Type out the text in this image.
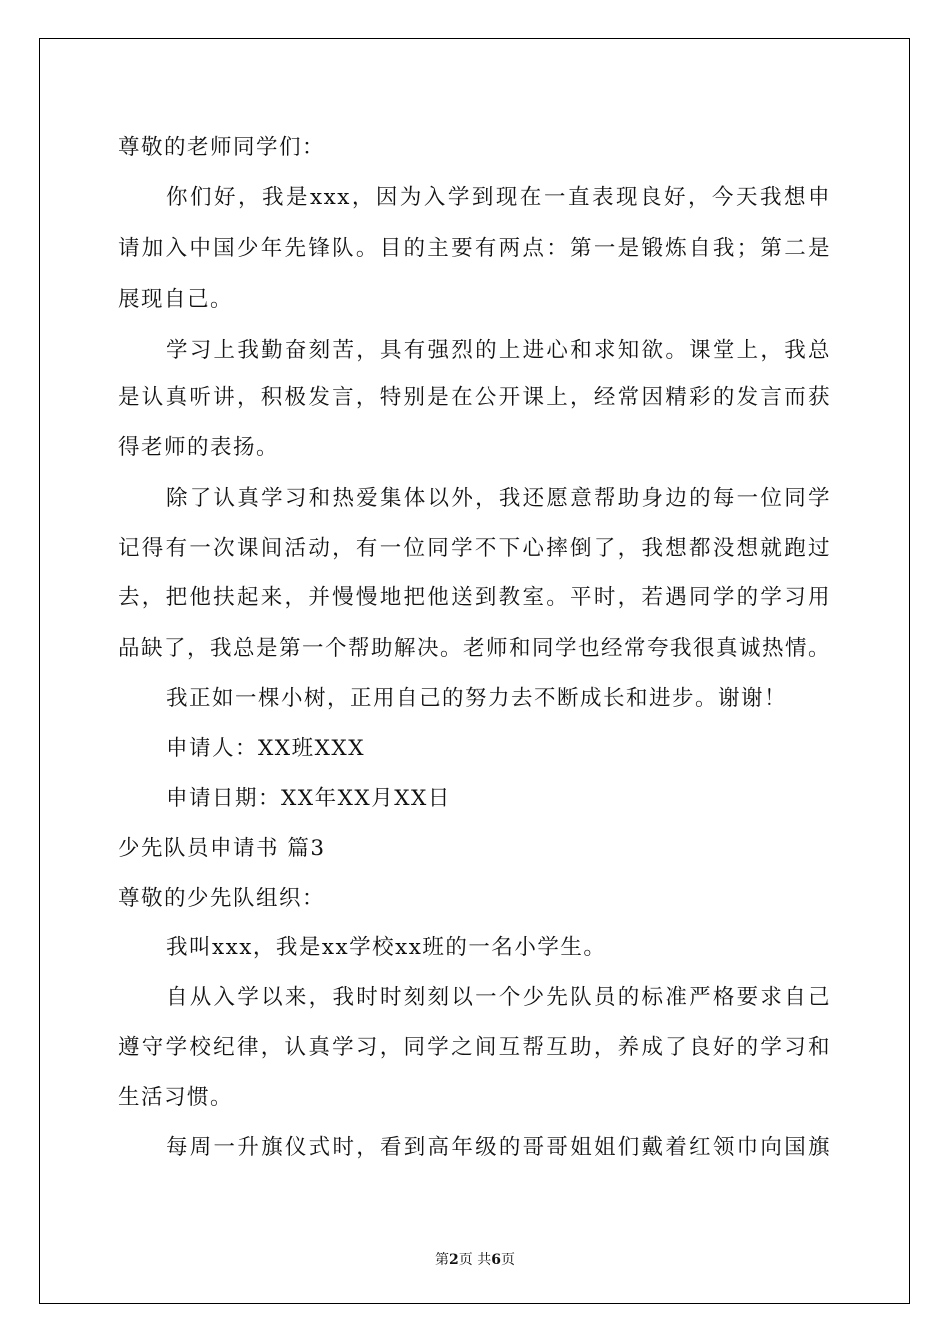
尊敬的老师同学们：
你们好，我是xxx，因为入学到现在一直表现良好，今天我想申
请加入中国少年先锋队。目的主要有两点：第一是锻炼自我；第二是
展现自己。
学习上我勤奋刻苦，具有强烈的上进心和求知欲。课堂上，我总
是认真听讲，积极发言，特别是在公开课上，经常因精彩的发言而获
得老师的表扬。
除了认真学习和热爱集体以外，我还愿意帮助身边的每一位同学
记得有一次课间活动，有一位同学不下心摔倒了，我想都没想就跑过
去，把他扶起来，并慢慢地把他送到教室。平时，若遇同学的学习用
品缺了，我总是第一个帮助解决。老师和同学也经常夸我很真诚热情。
我正如一棵小树，正用自己的努力去不断成长和进步。谢谢！
申请人：XX班XXX
申请日期：XX年XX月XX日
少先队员申请书 篇3
尊敬的少先队组织：
我叫xxx，我是xx学校xx班的一名小学生。
自从入学以来，我时时刻刻以一个少先队员的标准严格要求自己
遵守学校纪律，认真学习，同学之间互帮互助，养成了良好的学习和
生活习惯。
每周一升旗仪式时，看到高年级的哥哥姐姐们戴着红领巾向国旗
第2页 共6页
